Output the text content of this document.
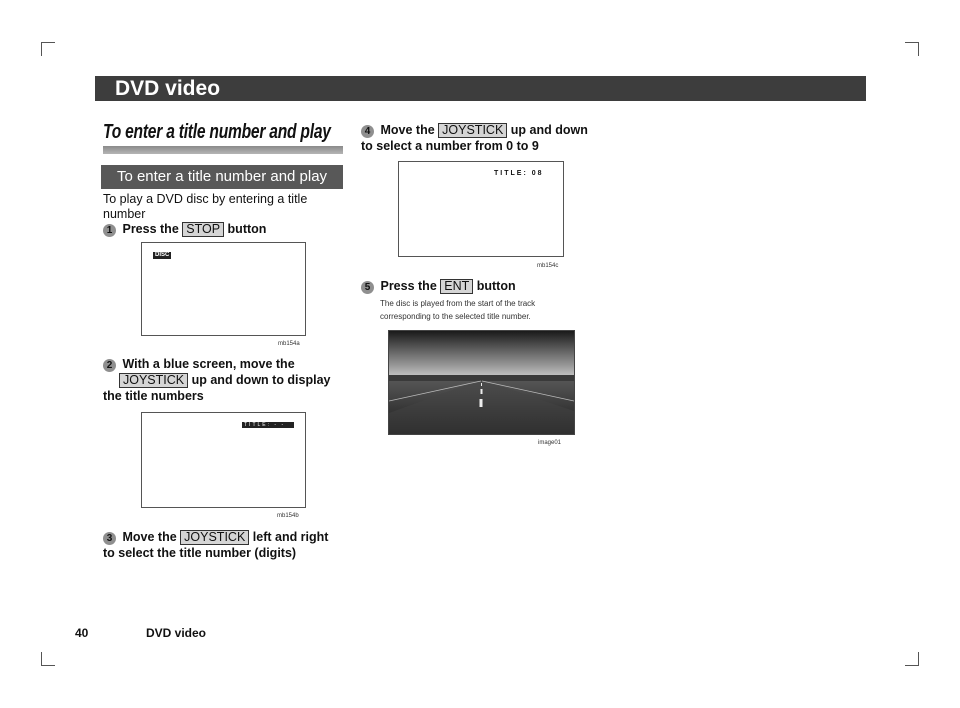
DVD video
To enter a title number and play
To enter a title number and play
To play a DVD disc by entering a title number
1 Press the STOP button
DISC
mb154a
2 With a blue screen, move the
JOYSTICK up and down to display the title numbers
TITLE: - -
mb154b
3 Move the JOYSTICK left and right to select the title number (digits)
4 Move the JOYSTICK up and down to select a number from 0 to 9
TITLE: 08
mb154c
5 Press the ENT button
The disc is played from the start of the track corresponding to the selected title number.
image01
40	DVD video
